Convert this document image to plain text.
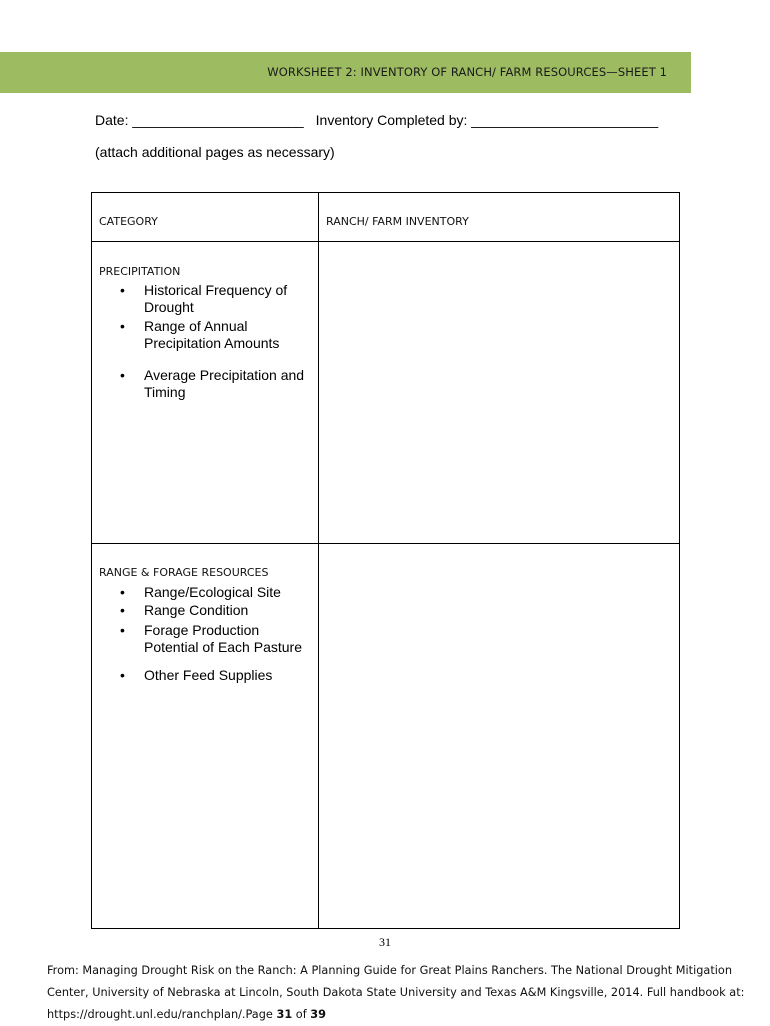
WORKSHEET 2: INVENTORY OF RANCH/ FARM RESOURCES—SHEET 1
Date: ______________________ Inventory Completed by: ________________________
(attach additional pages as necessary)
CATEGORY	RANCH/ FARM INVENTORY
PRECIPITATION
• Historical Frequency of Drought
• Range of Annual Precipitation Amounts
• Average Precipitation and Timing
RANGE & FORAGE RESOURCES
• Range/Ecological Site
• Range Condition
• Forage Production Potential of Each Pasture
• Other Feed Supplies
31
From: Managing Drought Risk on the Ranch: A Planning Guide for Great Plains Ranchers. The National Drought Mitigation Center, University of Nebraska at Lincoln, South Dakota State University and Texas A&M Kingsville, 2014. Full handbook at: https://drought.unl.edu/ranchplan/.Page 31 of 39
